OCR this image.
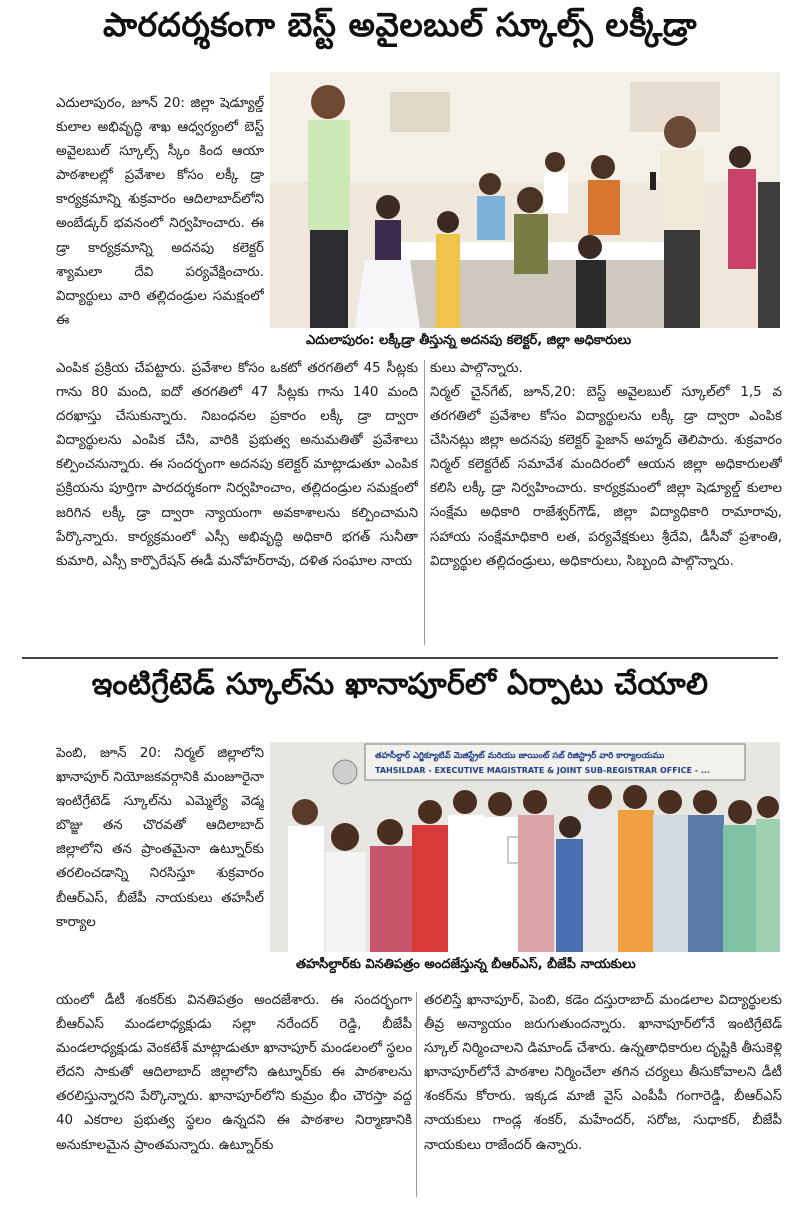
పారదర్శకంగా బెస్ట్ అవైలబుల్ స్కూల్స్ లక్కీడ్రా
ఎదులాపురం, జూన్ 20: జిల్లా షెడ్యూల్డ్ కులాల అభివృద్ధి శాఖ ఆధ్వర్యంలో బెస్ట్ అవైలబుల్ స్కూల్స్ స్కీం కింద ఆయా పాఠశాలల్లో ప్రవేశాల కోసం లక్కీ డ్రా కార్యక్రమాన్ని శుక్రవారం ఆదిలాబాద్‌లోని అంబేడ్కర్ భవనంలో నిర్వహించారు. ఈ డ్రా కార్యక్రమాన్ని అదనపు కలెక్టర్ శ్యామలా దేవి పర్యవేక్షించారు. విద్యార్థులు వారి తల్లిదండ్రుల సమక్షంలో ఈ
ఎదులాపురం: లక్కీడ్రా తీస్తున్న అదనపు కలెక్టర్, జిల్లా అధికారులు
ఎంపిక ప్రక్రియ చేపట్టారు. ప్రవేశాల కోసం ఒకటో తరగతిలో 45 సీట్లకు గాను 80 మంది, ఐదో తరగతిలో 47 సీట్లకు గాను 140 మంది దరఖాస్తు చేసుకున్నారు. నిబంధనల ప్రకారం లక్కీ డ్రా ద్వారా విద్యార్థులను ఎంపిక చేసి, వారికి ప్రభుత్వ అనుమతితో ప్రవేశాలు కల్పించనున్నారు. ఈ సందర్భంగా అదనపు కలెక్టర్ మాట్లాడుతూ ఎంపిక ప్రక్రియను పూర్తిగా పారదర్శకంగా నిర్వహించాం, తల్లిదండ్రుల సమక్షంలో జరిగిన లక్కీ డ్రా ద్వారా న్యాయంగా అవకాశాలను కల్పించామని పేర్కొన్నారు. కార్యక్రమంలో ఎస్సీ అభివృద్ధి అధికారి భగత్ సునీతా కుమారి, ఎస్సీ కార్పొరేషన్ ఈడీ మనోహర్‌రావు, దళిత సంఘాల నాయ
కులు పాల్గొన్నారు.
నిర్మల్ చైన్‌గేట్, జూన్,20: బెస్ట్ అవైలబుల్ స్కూల్‌లో 1,5 వ తరగతిలో ప్రవేశాల కోసం విద్యార్థులను లక్కీ డ్రా ద్వారా ఎంపిక చేసినట్లు జిల్లా అదనపు కలెక్టర్ ఫైజాన్ అహ్మద్ తెలిపారు. శుక్రవారం నిర్మల్ కలెక్టరేట్ సమావేశ మందిరంలో ఆయన జిల్లా అధికారులతో కలిసి లక్కీ డ్రా నిర్వహించారు. కార్యక్రమంలో జిల్లా షెడ్యూల్డ్ కులాల సంక్షేమ అధికారి రాజేశ్వర్‌గౌడ్, జిల్లా విద్యాధికారి రామారావు, సహాయ సంక్షేమాధికారి లత, పర్యవేక్షకులు శ్రీదేవి, డీసీవో ప్రశాంతి, విద్యార్థుల తల్లిదండ్రులు, అధికారులు, సిబ్బంది పాల్గొన్నారు.
ఇంటిగ్రేటెడ్ స్కూల్‌ను ఖానాపూర్‌లో ఏర్పాటు చేయాలి
పెంబి, జూన్ 20: నిర్మల్ జిల్లాలోని ఖానాపూర్ నియోజకవర్గానికి మంజూరైనా ఇంటిగ్రేటెడ్ స్కూల్‌ను ఎమ్మెల్యే వెడ్మ బొజ్జు తన చొరవతో ఆదిలాబాద్ జిల్లాలోని తన ప్రాంతమైనా ఉట్నూర్‌కు తరలించడాన్ని నిరసిస్తూ శుక్రవారం బీఆర్ఎస్, బీజేపీ నాయకులు తహసీల్ కార్యాల
తహసీల్దార్ ఎగ్జిక్యూటివ్ మెజిస్ట్రేట్ మరియు జాయింట్ సబ్ రిజిస్ట్రార్ వారి కార్యాలయము
TAHSILDAR - EXECUTIVE MAGISTRATE & JOINT SUB-REGISTRAR OFFICE - ...
తహసీల్దార్‌కు వినతిపత్రం అందజేస్తున్న బీఆర్ఎస్, బీజేపీ నాయకులు
యంలో డీటీ శంకర్‌కు వినతిపత్రం అందజేశారు. ఈ సందర్భంగా బీఆర్ఎస్ మండలాధ్యక్షుడు సల్లా నరేందర్ రెడ్డి, బీజేపీ మండలాధ్యక్షుడు వెంకటేశ్ మాట్లాడుతూ ఖానాపూర్ మండలంలో స్థలం లేదని సాకుతో ఆదిలాబాద్ జిల్లాలోని ఉట్నూర్‌కు ఈ పాఠశాలను తరలిస్తున్నారని పేర్కొన్నారు. ఖానాపూర్‌లోని కుమ్రం భీం చౌరస్తా వద్ద 40 ఎకరాల ప్రభుత్వ స్థలం ఉన్నదని ఈ పాఠశాల నిర్మాణానికి అనుకూలమైన ప్రాంతమన్నారు. ఉట్నూర్‌కు
తరలిస్తే ఖానాపూర్, పెంబి, కడెం దస్తురాబాద్ మండలాల విద్యార్థులకు తీవ్ర అన్యాయం జరుగుతుందన్నారు. ఖానాపూర్‌లోనే ఇంటిగ్రేటెడ్ స్కూల్ నిర్మించాలని డిమాండ్ చేశారు. ఉన్నతాధికారుల దృష్టికి తీసుకెళ్లి ఖానాపూర్‌లోనే పాఠశాల నిర్మించేలా తగిన చర్యలు తీసుకోవాలని డీటీ శంకర్‌ను కోరారు. ఇక్కడ మాజీ వైస్ ఎంపీపీ గంగారెడ్డి, బీఆర్ఎస్ నాయకులు గాండ్ల శంకర్, మహేందర్, సరోజ, సుధాకర్, బీజేపీ నాయకులు రాజేందర్ ఉన్నారు.
